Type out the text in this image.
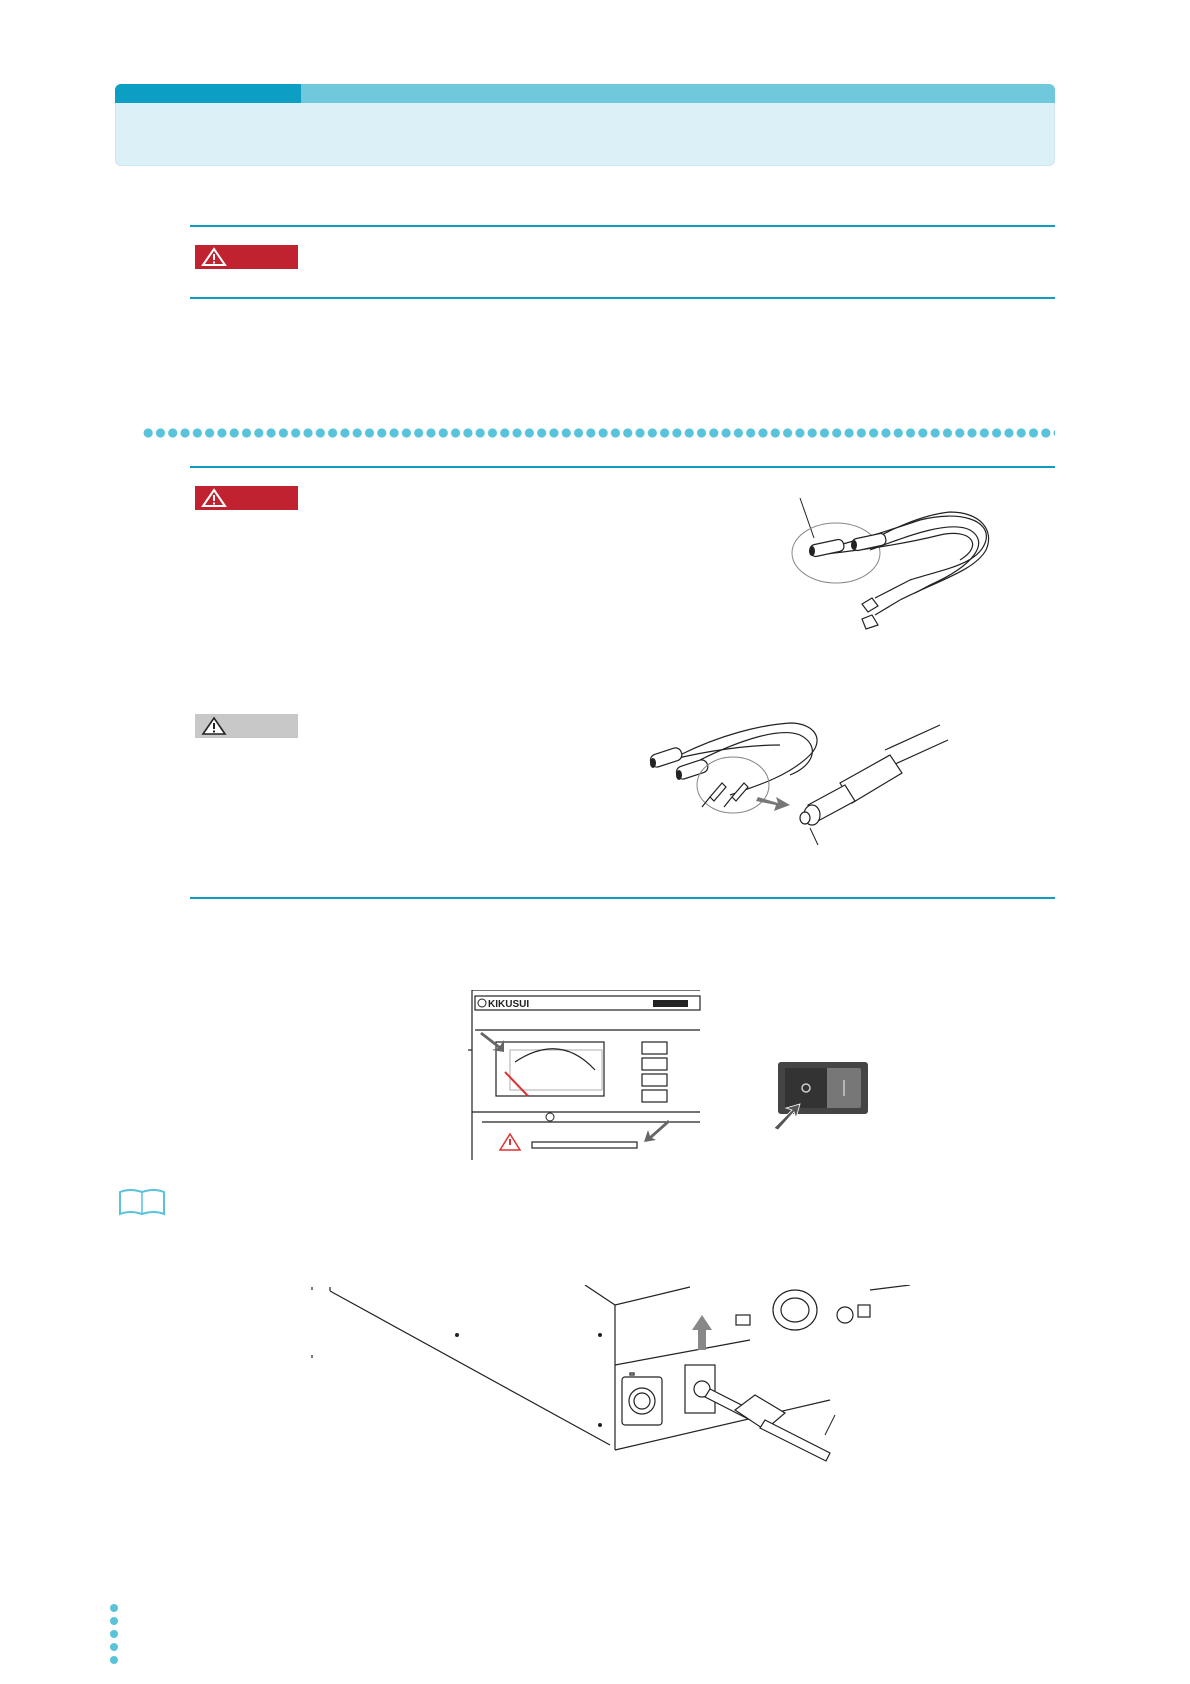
KIKUSUI
